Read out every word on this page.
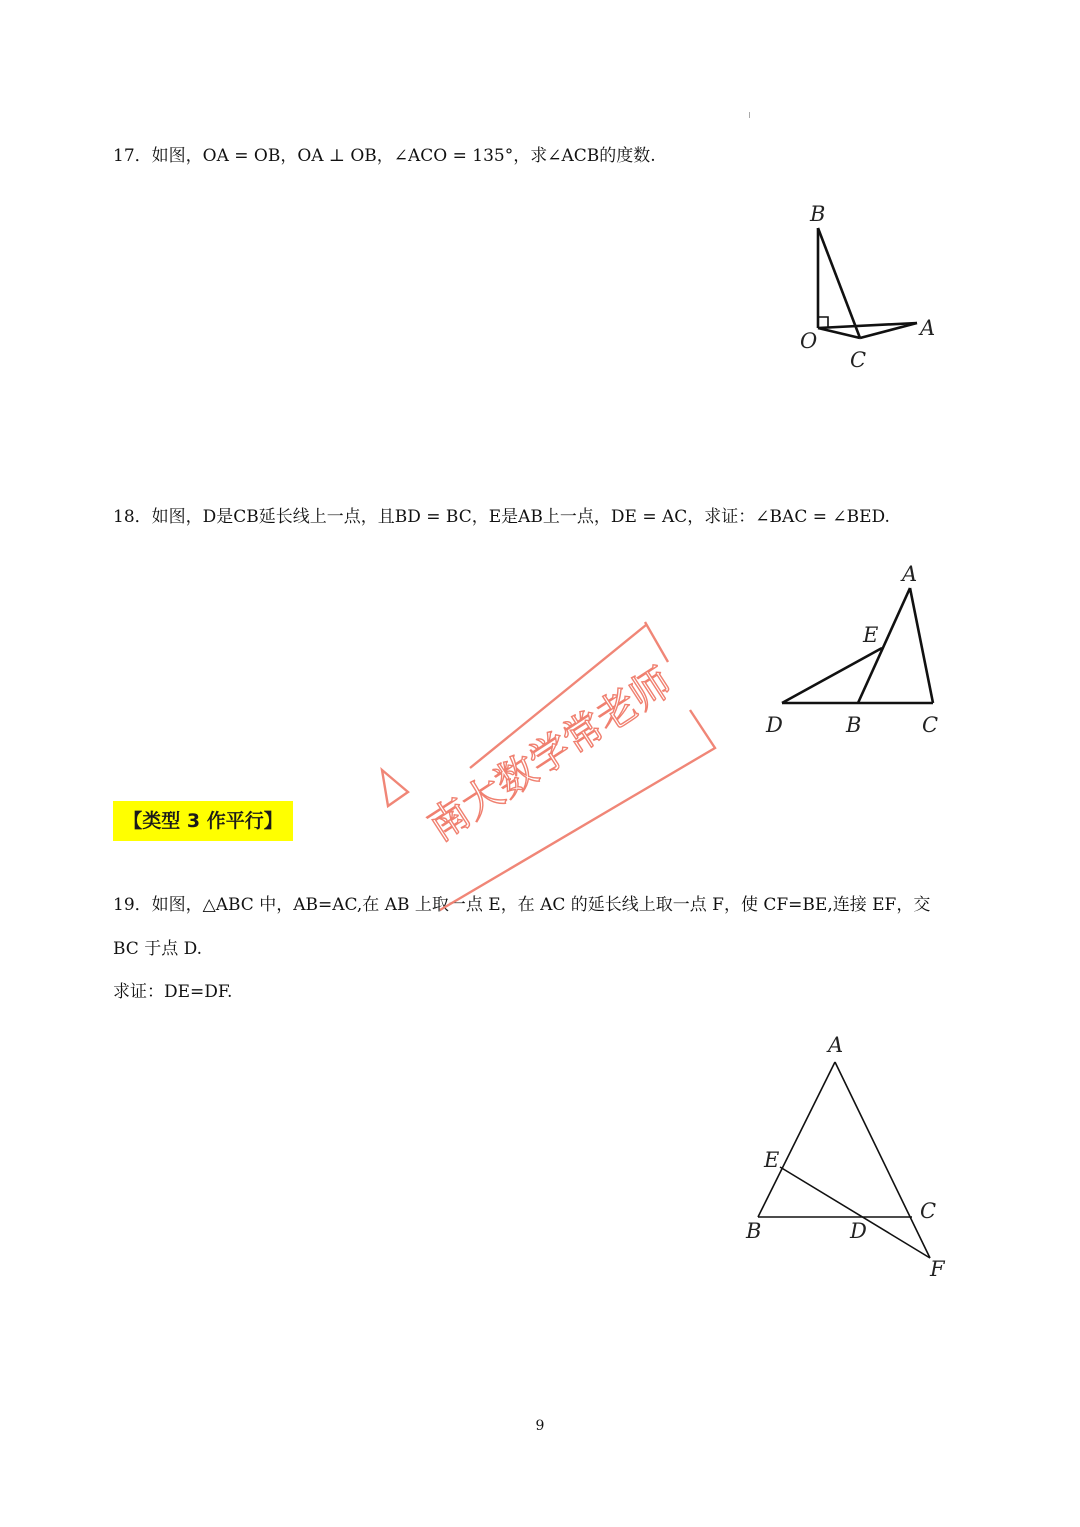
17．如图，OA = OB，OA ⊥ OB，∠ACO = 135°，求∠ACB的度数.
B
O
C
A
18．如图，D是CB延长线上一点，且BD = BC，E是AB上一点，DE = AC，求证：∠BAC = ∠BED.
A
E
D	B	C
【类型 3 作平行】
19．如图，△ABC 中，AB=AC,在 AB 上取一点 E，在 AC 的延长线上取一点 F，使 CF=BE,连接 EF，交
BC 于点 D.
求证：DE=DF.
A
E
B	D
C
F
南大数学常老师
9
